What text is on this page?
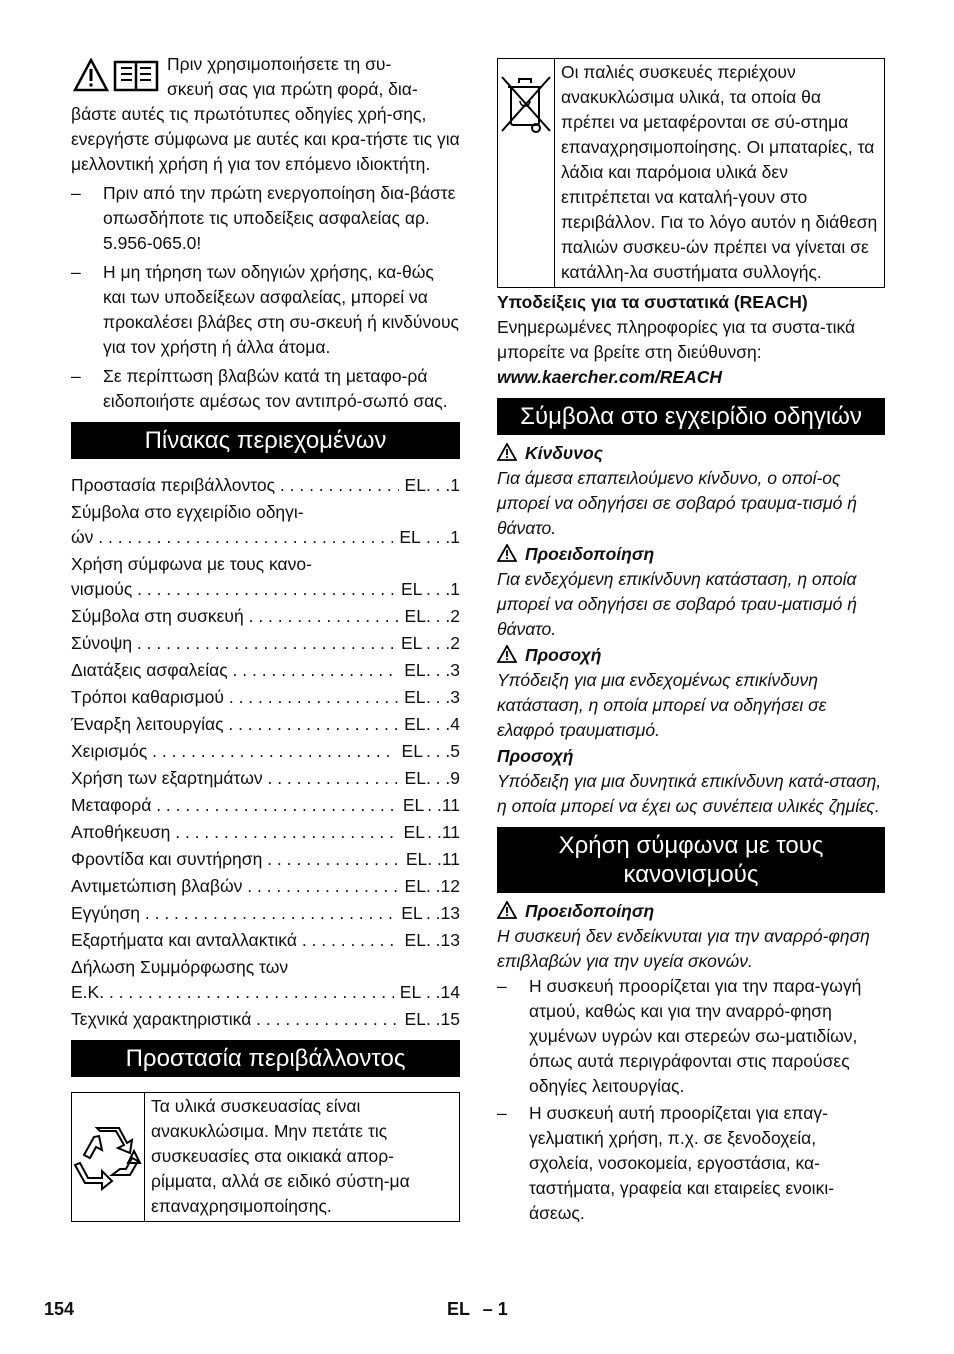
Πριν χρησιμοποιήσετε τη συ-
σκευή σας για πρώτη φορά, δια-
βάστε αυτές τις πρωτότυπες οδηγίες χρή-σης, ενεργήστε σύμφωνα με αυτές και κρα-τήστε τις για μελλοντική χρήση ή για τον επόμενο ιδιοκτήτη.

– Πριν από την πρώτη ενεργοποίηση δια-βάστε οπωσδήποτε τις υποδείξεις ασφαλείας αρ. 5.956-065.0!
– Η μη τήρηση των οδηγιών χρήσης, κα-θώς και των υποδείξεων ασφαλείας, μπορεί να προκαλέσει βλάβες στη συ-σκευή ή κινδύνους για τον χρήστη ή άλλα άτομα.
– Σε περίπτωση βλαβών κατά τη μεταφο-ρά ειδοποιήστε αμέσως τον αντιπρό-σωπό σας.
Πίνακας περιεχομένων
Προστασία περιβάλλοντος . . .	EL . . .1
Σύμβολα στο εγχειρίδιο οδηγι-
ών . . .	EL . . .1
Χρήση σύμφωνα με τους κανο-
νισμούς . . .	EL . . .1
Σύμβολα στη συσκευή . . .	EL . . .2
Σύνοψη . . .	EL . . .2
Διατάξεις ασφαλείας . . .	EL . . .3
Τρόποι καθαρισμού . . .	EL . . .3
Έναρξη λειτουργίας . . .	EL . . .4
Χειρισμός . . .	EL . . .5
Χρήση των εξαρτημάτων . . .	EL . . .9
Μεταφορά . . .	EL . .11
Αποθήκευση . . .	EL . .11
Φροντίδα και συντήρηση . . .	EL . .11
Αντιμετώπιση βλαβών . . .	EL . .12
Εγγύηση . . .	EL . .13
Εξαρτήματα και ανταλλακτικά . . .	EL . .13
Δήλωση Συμμόρφωσης των
Ε.Κ. . . .	EL . .14
Τεχνικά χαρακτηριστικά . . .	EL . .15
Προστασία περιβάλλοντος
Τα υλικά συσκευασίας είναι ανακυκλώσιμα. Μην πετάτε τις συσκευασίες στα οικιακά απορ-ρίμματα, αλλά σε ειδικό σύστη-μα επαναχρησιμοποίησης.
Οι παλιές συσκευές περιέχουν ανακυκλώσιμα υλικά, τα οποία θα πρέπει να μεταφέρονται σε σύ-στημα επαναχρησιμοποίησης. Οι μπαταρίες, τα λάδια και παρόμοια υλικά δεν επιτρέπεται να καταλή-γουν στο περιβάλλον. Για το λόγο αυτόν η διάθεση παλιών συσκευ-ών πρέπει να γίνεται σε κατάλλη-λα συστήματα συλλογής.

Υποδείξεις για τα συστατικά (REACH)

Ενημερωμένες πληροφορίες για τα συστα-τικά μπορείτε να βρείτε στη διεύθυνση:

www.kaercher.com/REACH

Σύμβολα στο εγχειρίδιο οδηγιών

Κίνδυνος

Για άμεσα επαπειλούμενο κίνδυνο, ο οποί-ος μπορεί να οδηγήσει σε σοβαρό τραυμα-τισμό ή θάνατο.

Προειδοποίηση

Για ενδεχόμενη επικίνδυνη κατάσταση, η οποία μπορεί να οδηγήσει σε σοβαρό τραυ-ματισμό ή θάνατο.

Προσοχή

Υπόδειξη για μια ενδεχομένως επικίνδυνη κατάσταση, η οποία μπορεί να οδηγήσει σε ελαφρό τραυματισμό.

Προσοχή

Υπόδειξη για μια δυνητικά επικίνδυνη κατά-σταση, η οποία μπορεί να έχει ως συνέπεια υλικές ζημίες.

Χρήση σύμφωνα με τους κανονισμούς

Προειδοποίηση

Η συσκευή δεν ενδείκνυται για την αναρρό-φηση επιβλαβών για την υγεία σκονών.

– Η συσκευή προορίζεται για την παρα-γωγή ατμού, καθώς και για την αναρρό-φηση χυμένων υγρών και στερεών σω-ματιδίων, όπως αυτά περιγράφονται στις παρούσες οδηγίες λειτουργίας.
– Η συσκευή αυτή προορίζεται για επαγ-γελματική χρήση, π.χ. σε ξενοδοχεία, σχολεία, νοσοκομεία, εργοστάσια, κα-ταστήματα, γραφεία και εταιρείες ενοικι-άσεως.
154	EL – 1
